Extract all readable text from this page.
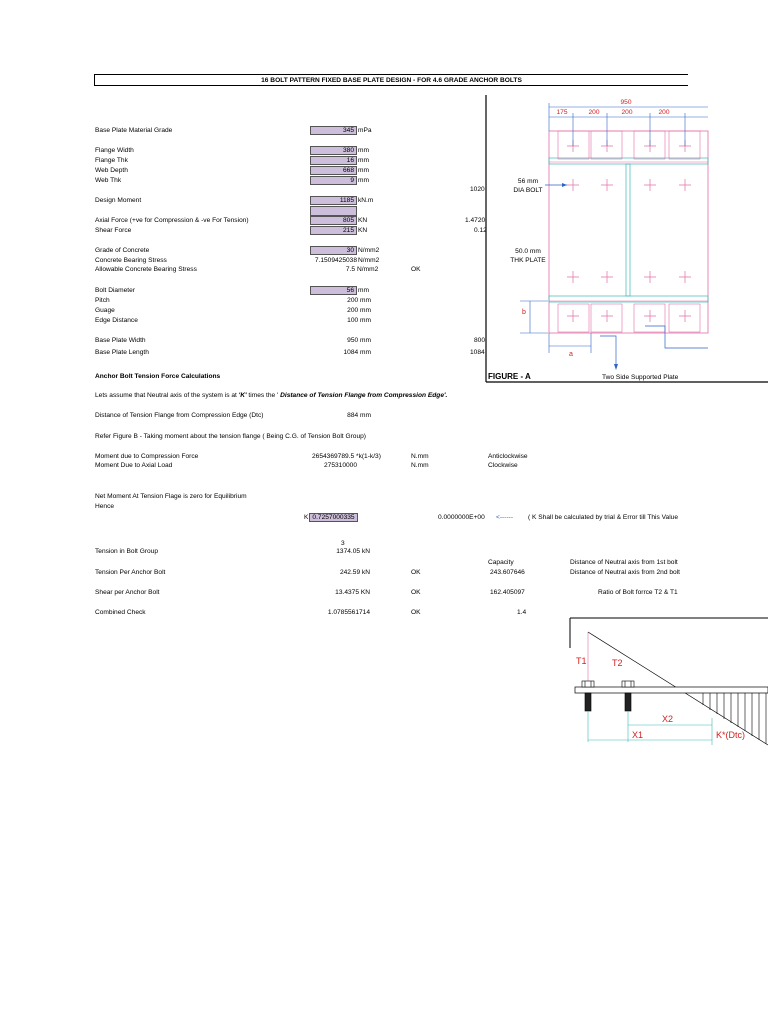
16 BOLT PATTERN FIXED BASE PLATE DESIGN - FOR 4.6 GRADE ANCHOR BOLTS
Base Plate Material Grade	345 mPa
Flange Width	380 mm
Flange Thk	16 mm
Web Depth	668 mm
Web Thk	9 mm
1020
Design Moment	1185 kN.m
Axial Force (+ve for Compression & -ve For Tension)	805 KN	1.4720
Shear Force	215 KN	0.12
Grade of Concrete	30 N/mm2
Concrete Bearing Stress	7.1509425038 N/mm2
Allowable Concrete Bearing Stress	7.5 N/mm2	OK
Bolt Diameter	56 mm
Pitch	200 mm
Guage	200 mm
Edge Distance	100 mm
Base Plate Width	950 mm	800
Base Plate Length	1084 mm	1084
Anchor Bolt Tension Force Calculations
Lets assume that Neutral axis of the system is at 'K' times the ' Distance of Tension Flange from Compression Edge'.
Distance of Tension Flange from Compression Edge (Dtc)	884 mm
Refer Figure B - Taking moment about the tension flange ( Being C.G. of Tension Bolt Group)
Moment due to Compression Force	2654369789.5 *k(1-k/3)	N.mm	Anticlockwise
Moment Due to Axial Load	275310000	N.mm	Clockwise
Net Moment At Tension Flage is zero for Equilibrium
Hence
K 0.7257000335	0.0000000E+00 <------ ( K Shall be calculated by trial & Error till This Value
3
Tension in Bolt Group	1374.05 kN
Capacity	Distance of Neutral axis from 1st bolt
Tension Per Anchor Bolt	242.59 kN	OK	243.607646	Distance of Neutral axis from 2nd bolt
Shear per Anchor Bolt	13.4375 KN	OK	162.405097	Ratio of Bolt forrce T2 & T1
Combined Check	1.0785561714	OK	1.4
950
175	200	200	200
56 mm
DIA BOLT
50.0 mm
THK PLATE
b
a
FIGURE - A	Two Side Supported Plate
T1	T2
X2
X1	K*(Dtc)
